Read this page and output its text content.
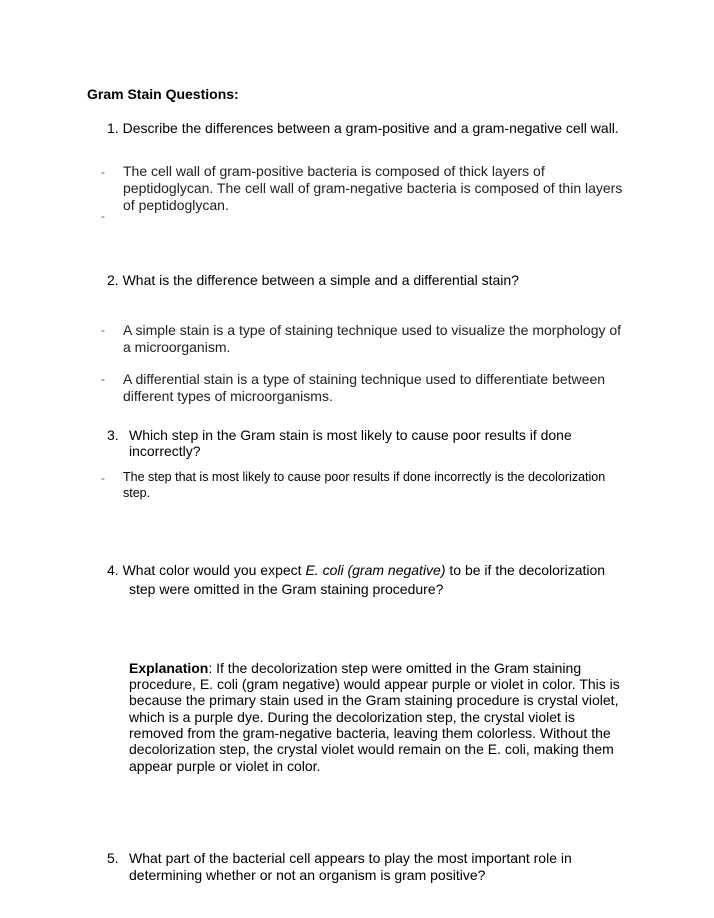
Gram Stain Questions:
1. Describe the differences between a gram-positive and a gram-negative cell wall.
- The cell wall of gram-positive bacteria is composed of thick layers of
peptidoglycan. The cell wall of gram-negative bacteria is composed of thin layers
of peptidoglycan.
-
2. What is the difference between a simple and a differential stain?
- A simple stain is a type of staining technique used to visualize the morphology of
a microorganism.
- A differential stain is a type of staining technique used to differentiate between
different types of microorganisms.
3. Which step in the Gram stain is most likely to cause poor results if done
incorrectly?
- The step that is most likely to cause poor results if done incorrectly is the decolorization
step.
4. What color would you expect E. coli (gram negative) to be if the decolorization
step were omitted in the Gram staining procedure?
Explanation: If the decolorization step were omitted in the Gram staining
procedure, E. coli (gram negative) would appear purple or violet in color. This is
because the primary stain used in the Gram staining procedure is crystal violet,
which is a purple dye. During the decolorization step, the crystal violet is
removed from the gram-negative bacteria, leaving them colorless. Without the
decolorization step, the crystal violet would remain on the E. coli, making them
appear purple or violet in color.
5. What part of the bacterial cell appears to play the most important role in
determining whether or not an organism is gram positive?
